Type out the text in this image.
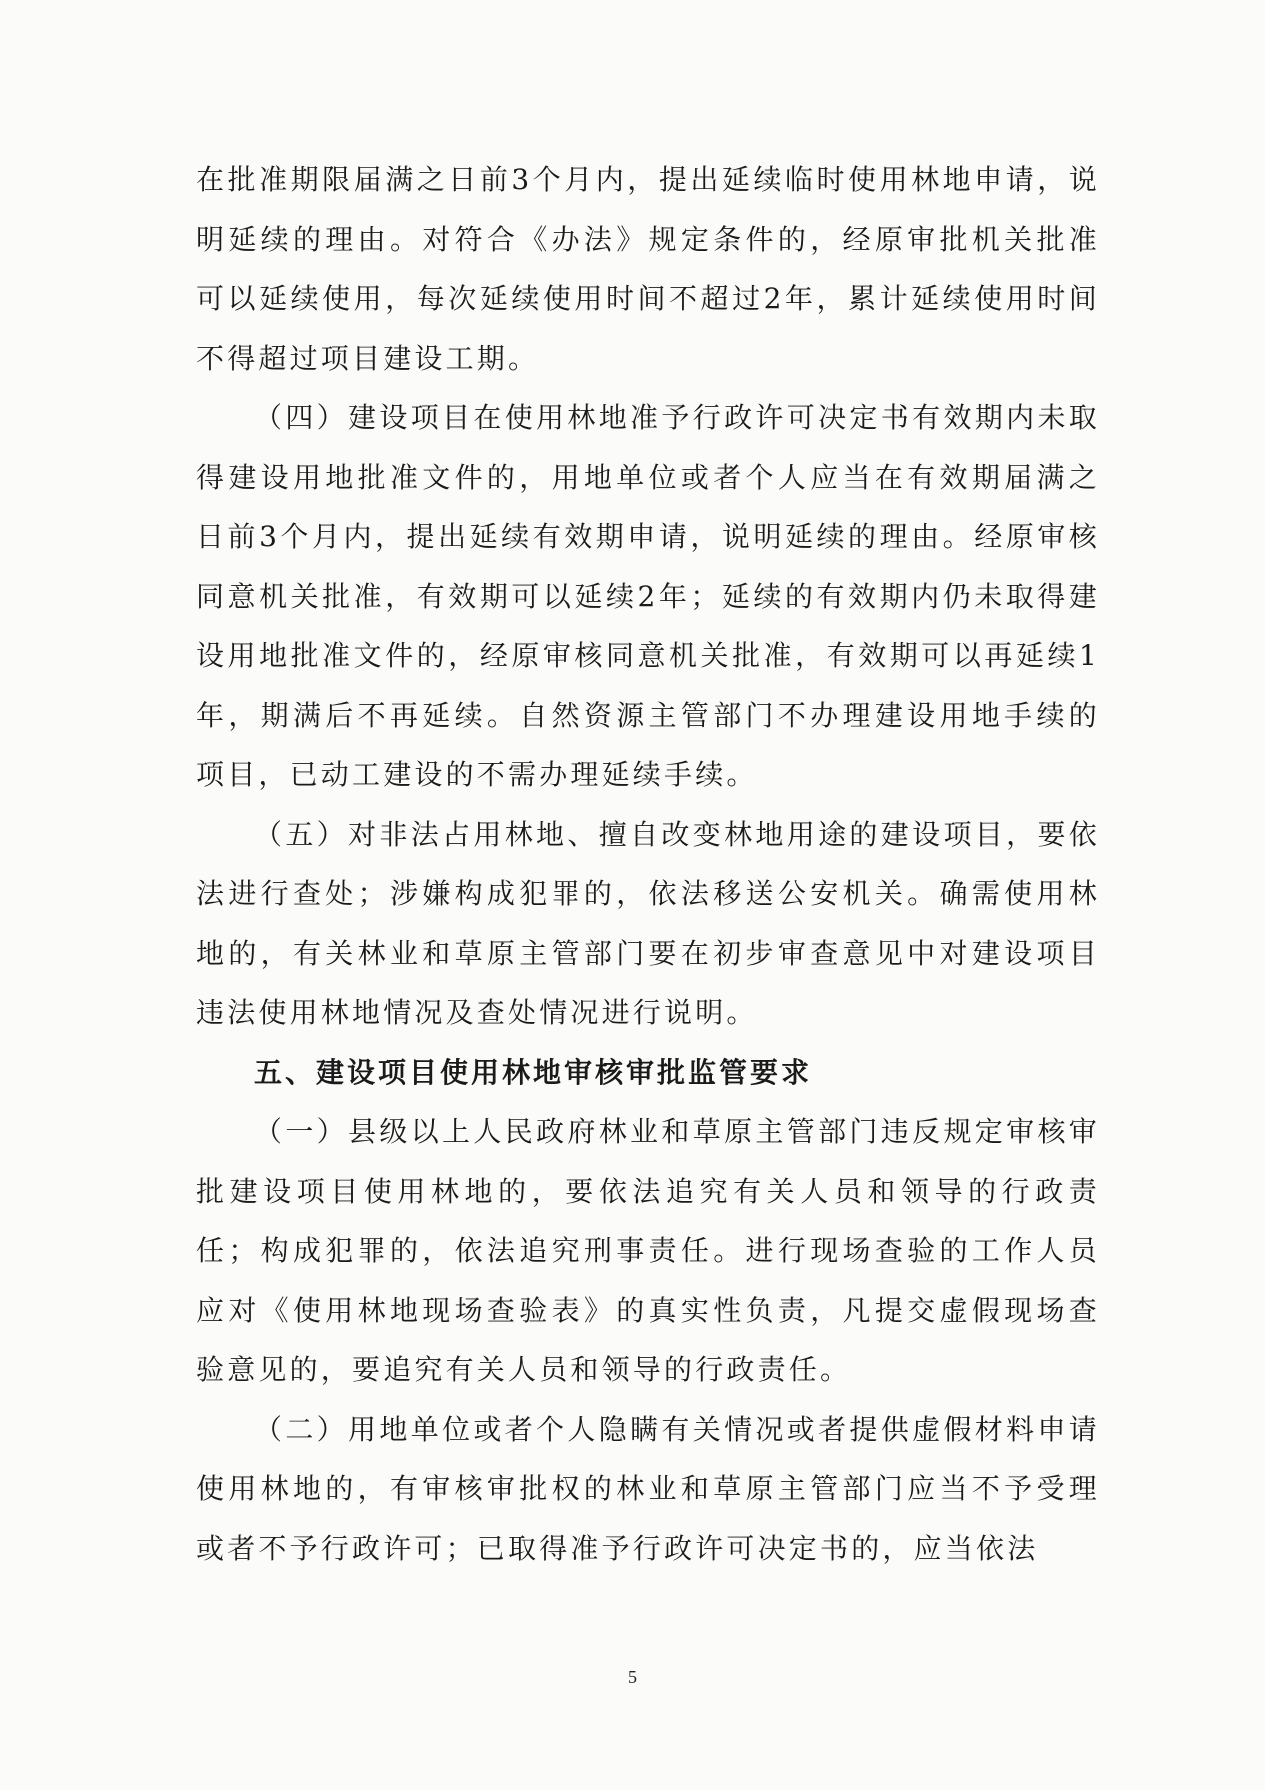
在批准期限届满之日前3个月内，提出延续临时使用林地申请，说明延续的理由。对符合《办法》规定条件的，经原审批机关批准可以延续使用，每次延续使用时间不超过2年，累计延续使用时间不得超过项目建设工期。

（四）建设项目在使用林地准予行政许可决定书有效期内未取得建设用地批准文件的，用地单位或者个人应当在有效期届满之日前3个月内，提出延续有效期申请，说明延续的理由。经原审核同意机关批准，有效期可以延续2年；延续的有效期内仍未取得建设用地批准文件的，经原审核同意机关批准，有效期可以再延续1年，期满后不再延续。自然资源主管部门不办理建设用地手续的项目，已动工建设的不需办理延续手续。

（五）对非法占用林地、擅自改变林地用途的建设项目，要依法进行查处；涉嫌构成犯罪的，依法移送公安机关。确需使用林地的，有关林业和草原主管部门要在初步审查意见中对建设项目违法使用林地情况及查处情况进行说明。

五、建设项目使用林地审核审批监管要求

（一）县级以上人民政府林业和草原主管部门违反规定审核审批建设项目使用林地的，要依法追究有关人员和领导的行政责任；构成犯罪的，依法追究刑事责任。进行现场查验的工作人员应对《使用林地现场查验表》的真实性负责，凡提交虚假现场查验意见的，要追究有关人员和领导的行政责任。

（二）用地单位或者个人隐瞒有关情况或者提供虚假材料申请使用林地的，有审核审批权的林业和草原主管部门应当不予受理或者不予行政许可；已取得准予行政许可决定书的，应当依法

5
